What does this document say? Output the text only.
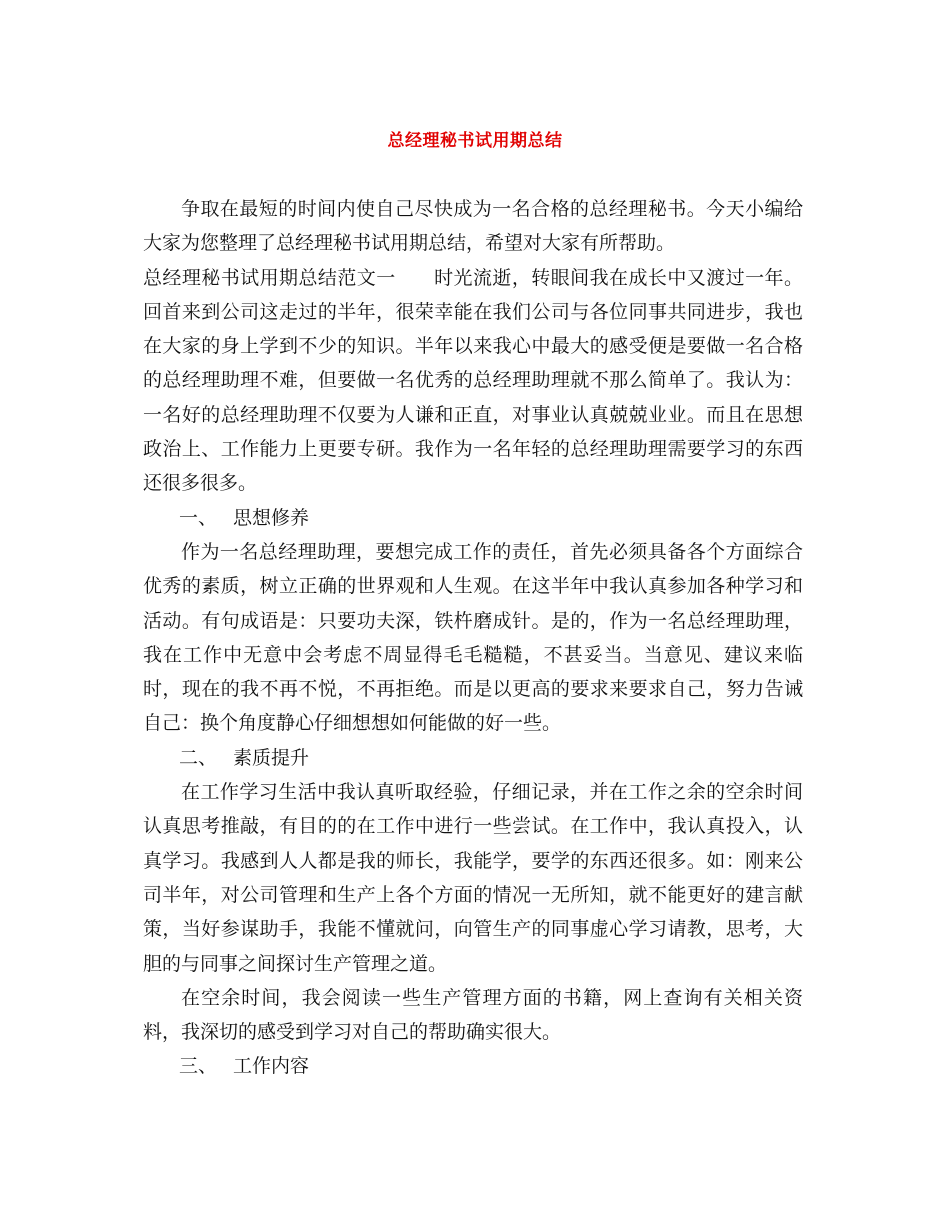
总经理秘书试用期总结

争取在最短的时间内使自己尽快成为一名合格的总经理秘书。今天小编给大家为您整理了总经理秘书试用期总结，希望对大家有所帮助。

总经理秘书试用期总结范文一 时光流逝，转眼间我在成长中又渡过一年。回首来到公司这走过的半年，很荣幸能在我们公司与各位同事共同进步，我也在大家的身上学到不少的知识。半年以来我心中最大的感受便是要做一名合格的总经理助理不难，但要做一名优秀的总经理助理就不那么简单了。我认为：一名好的总经理助理不仅要为人谦和正直，对事业认真兢兢业业。而且在思想政治上、工作能力上更要专研。我作为一名年轻的总经理助理需要学习的东西还很多很多。

一、 思想修养

作为一名总经理助理，要想完成工作的责任，首先必须具备各个方面综合优秀的素质，树立正确的世界观和人生观。在这半年中我认真参加各种学习和活动。有句成语是：只要功夫深，铁杵磨成针。是的，作为一名总经理助理，我在工作中无意中会考虑不周显得毛毛糙糙，不甚妥当。当意见、建议来临时，现在的我不再不悦，不再拒绝。而是以更高的要求来要求自己，努力告诫自己：换个角度静心仔细想想如何能做的好一些。

二、 素质提升

在工作学习生活中我认真听取经验，仔细记录，并在工作之余的空余时间认真思考推敲，有目的的在工作中进行一些尝试。在工作中，我认真投入，认真学习。我感到人人都是我的师长，我能学，要学的东西还很多。如：刚来公司半年，对公司管理和生产上各个方面的情况一无所知，就不能更好的建言献策，当好参谋助手，我能不懂就问，向管生产的同事虚心学习请教，思考，大胆的与同事之间探讨生产管理之道。

在空余时间，我会阅读一些生产管理方面的书籍，网上查询有关相关资料，我深切的感受到学习对自己的帮助确实很大。

三、 工作内容
